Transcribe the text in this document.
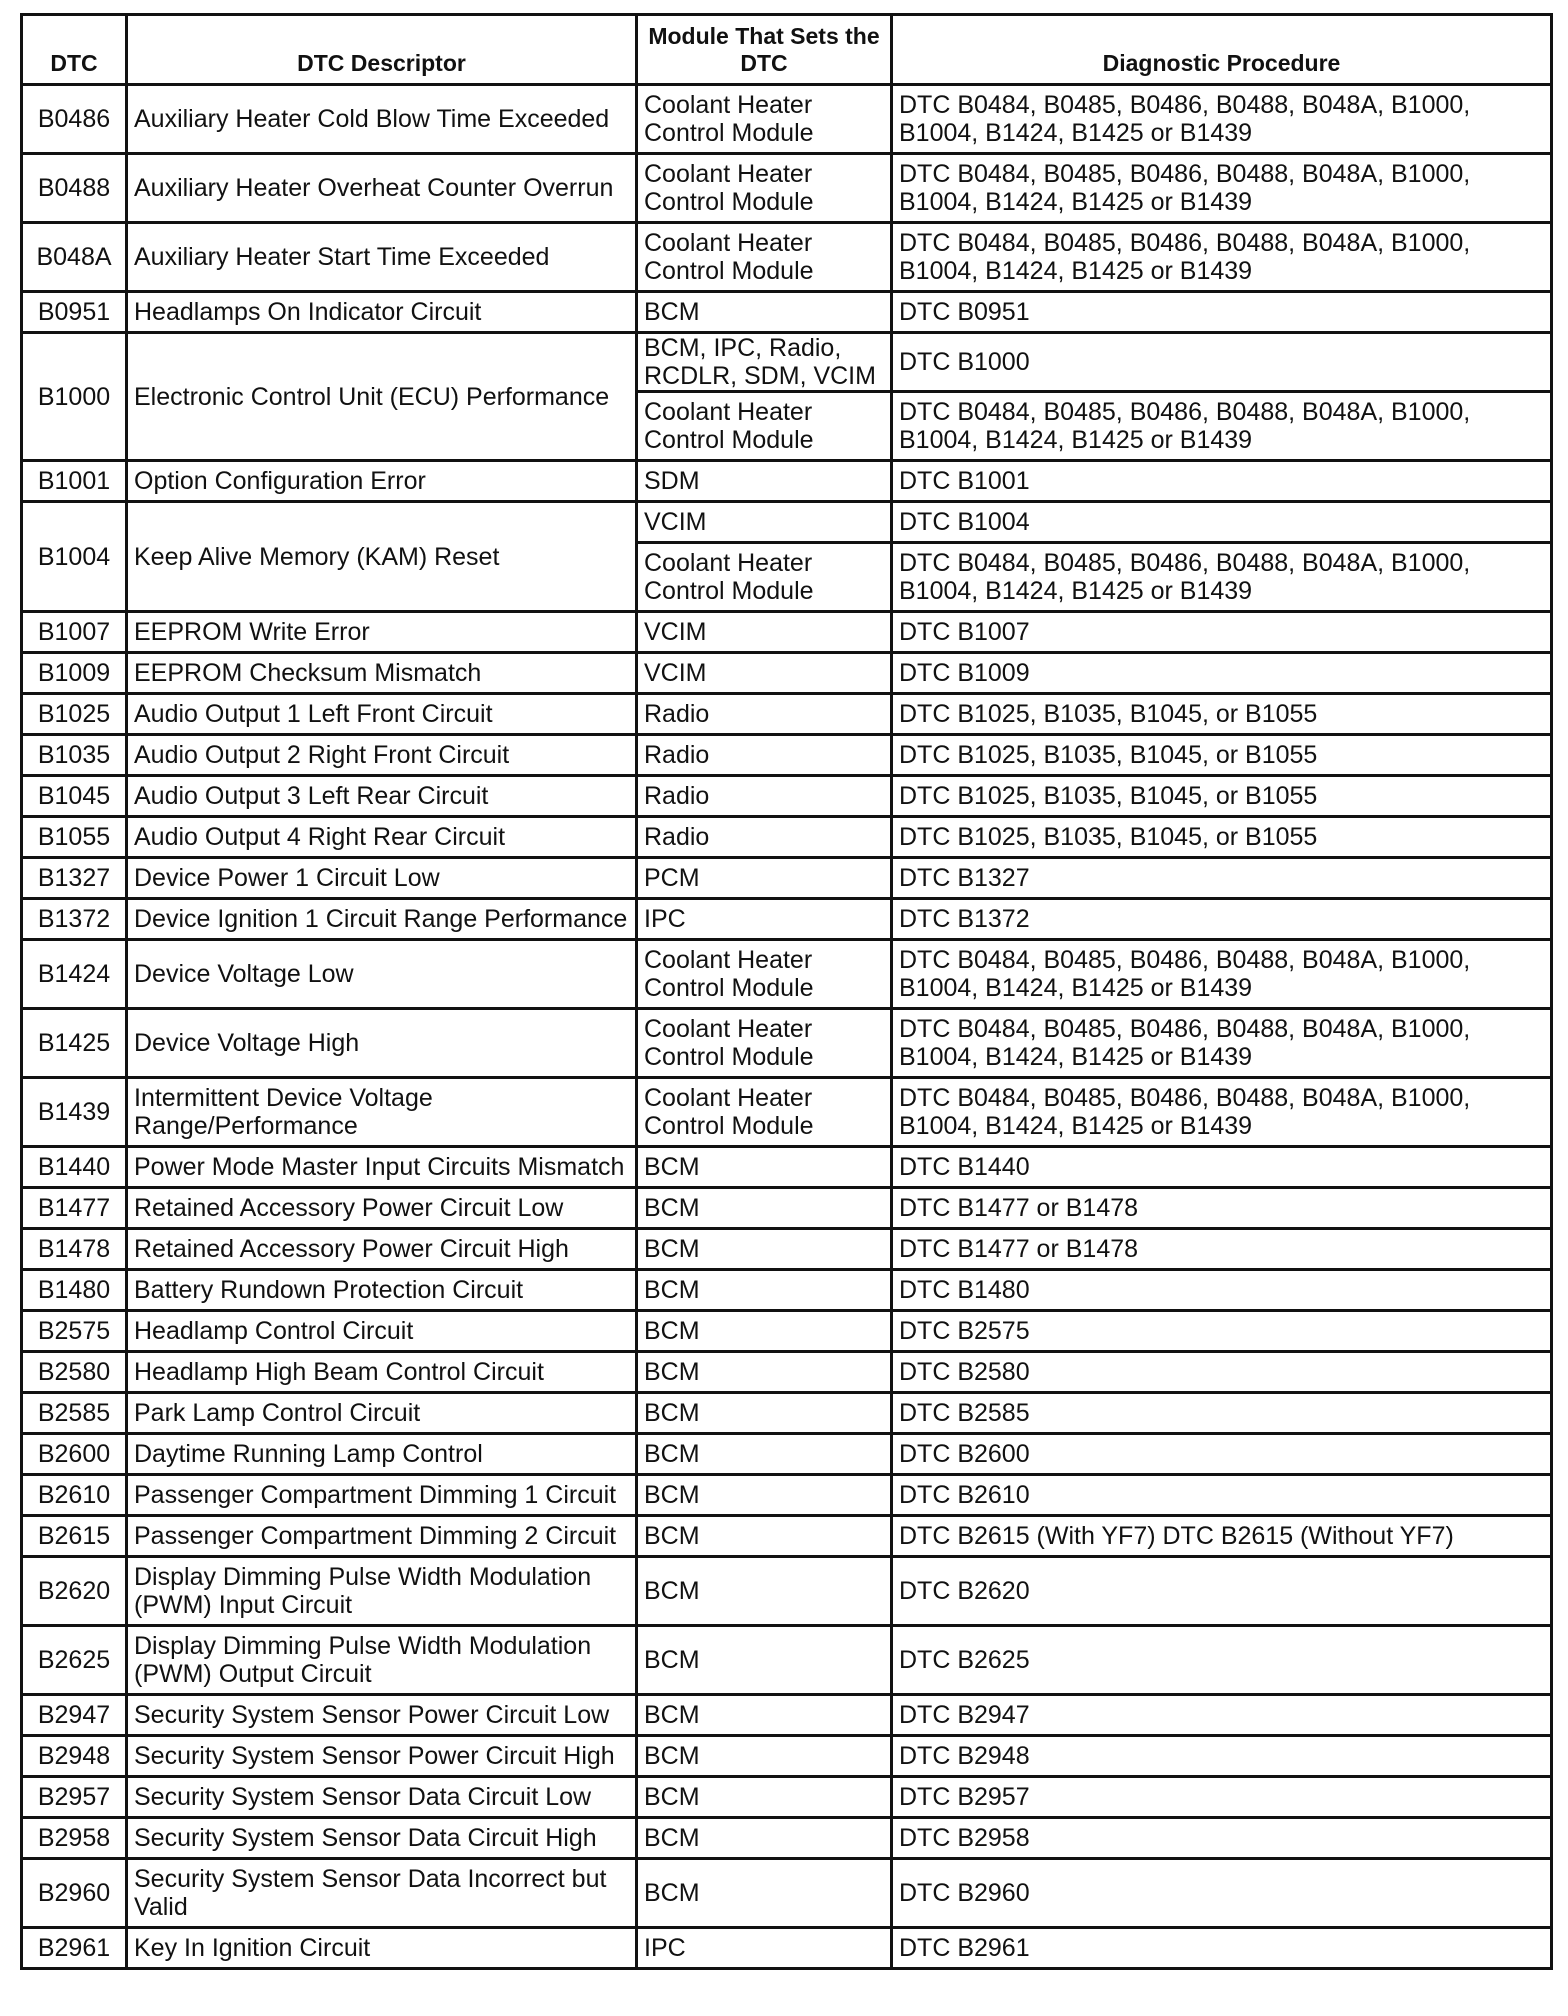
DTC	DTC Descriptor	Module That Sets the DTC	Diagnostic Procedure
B0486	Auxiliary Heater Cold Blow Time Exceeded	Coolant Heater Control Module	DTC B0484, B0485, B0486, B0488, B048A, B1000, B1004, B1424, B1425 or B1439
B0488	Auxiliary Heater Overheat Counter Overrun	Coolant Heater Control Module	DTC B0484, B0485, B0486, B0488, B048A, B1000, B1004, B1424, B1425 or B1439
B048A	Auxiliary Heater Start Time Exceeded	Coolant Heater Control Module	DTC B0484, B0485, B0486, B0488, B048A, B1000, B1004, B1424, B1425 or B1439
B0951	Headlamps On Indicator Circuit	BCM	DTC B0951
B1000	Electronic Control Unit (ECU) Performance	BCM, IPC, Radio, RCDLR, SDM, VCIM	DTC B1000
		Coolant Heater Control Module	DTC B0484, B0485, B0486, B0488, B048A, B1000, B1004, B1424, B1425 or B1439
B1001	Option Configuration Error	SDM	DTC B1001
B1004	Keep Alive Memory (KAM) Reset	VCIM	DTC B1004
		Coolant Heater Control Module	DTC B0484, B0485, B0486, B0488, B048A, B1000, B1004, B1424, B1425 or B1439
B1007	EEPROM Write Error	VCIM	DTC B1007
B1009	EEPROM Checksum Mismatch	VCIM	DTC B1009
B1025	Audio Output 1 Left Front Circuit	Radio	DTC B1025, B1035, B1045, or B1055
B1035	Audio Output 2 Right Front Circuit	Radio	DTC B1025, B1035, B1045, or B1055
B1045	Audio Output 3 Left Rear Circuit	Radio	DTC B1025, B1035, B1045, or B1055
B1055	Audio Output 4 Right Rear Circuit	Radio	DTC B1025, B1035, B1045, or B1055
B1327	Device Power 1 Circuit Low	PCM	DTC B1327
B1372	Device Ignition 1 Circuit Range Performance	IPC	DTC B1372
B1424	Device Voltage Low	Coolant Heater Control Module	DTC B0484, B0485, B0486, B0488, B048A, B1000, B1004, B1424, B1425 or B1439
B1425	Device Voltage High	Coolant Heater Control Module	DTC B0484, B0485, B0486, B0488, B048A, B1000, B1004, B1424, B1425 or B1439
B1439	Intermittent Device Voltage Range/Performance	Coolant Heater Control Module	DTC B0484, B0485, B0486, B0488, B048A, B1000, B1004, B1424, B1425 or B1439
B1440	Power Mode Master Input Circuits Mismatch	BCM	DTC B1440
B1477	Retained Accessory Power Circuit Low	BCM	DTC B1477 or B1478
B1478	Retained Accessory Power Circuit High	BCM	DTC B1477 or B1478
B1480	Battery Rundown Protection Circuit	BCM	DTC B1480
B2575	Headlamp Control Circuit	BCM	DTC B2575
B2580	Headlamp High Beam Control Circuit	BCM	DTC B2580
B2585	Park Lamp Control Circuit	BCM	DTC B2585
B2600	Daytime Running Lamp Control	BCM	DTC B2600
B2610	Passenger Compartment Dimming 1 Circuit	BCM	DTC B2610
B2615	Passenger Compartment Dimming 2 Circuit	BCM	DTC B2615 (With YF7) DTC B2615 (Without YF7)
B2620	Display Dimming Pulse Width Modulation (PWM) Input Circuit	BCM	DTC B2620
B2625	Display Dimming Pulse Width Modulation (PWM) Output Circuit	BCM	DTC B2625
B2947	Security System Sensor Power Circuit Low	BCM	DTC B2947
B2948	Security System Sensor Power Circuit High	BCM	DTC B2948
B2957	Security System Sensor Data Circuit Low	BCM	DTC B2957
B2958	Security System Sensor Data Circuit High	BCM	DTC B2958
B2960	Security System Sensor Data Incorrect but Valid	BCM	DTC B2960
B2961	Key In Ignition Circuit	IPC	DTC B2961
